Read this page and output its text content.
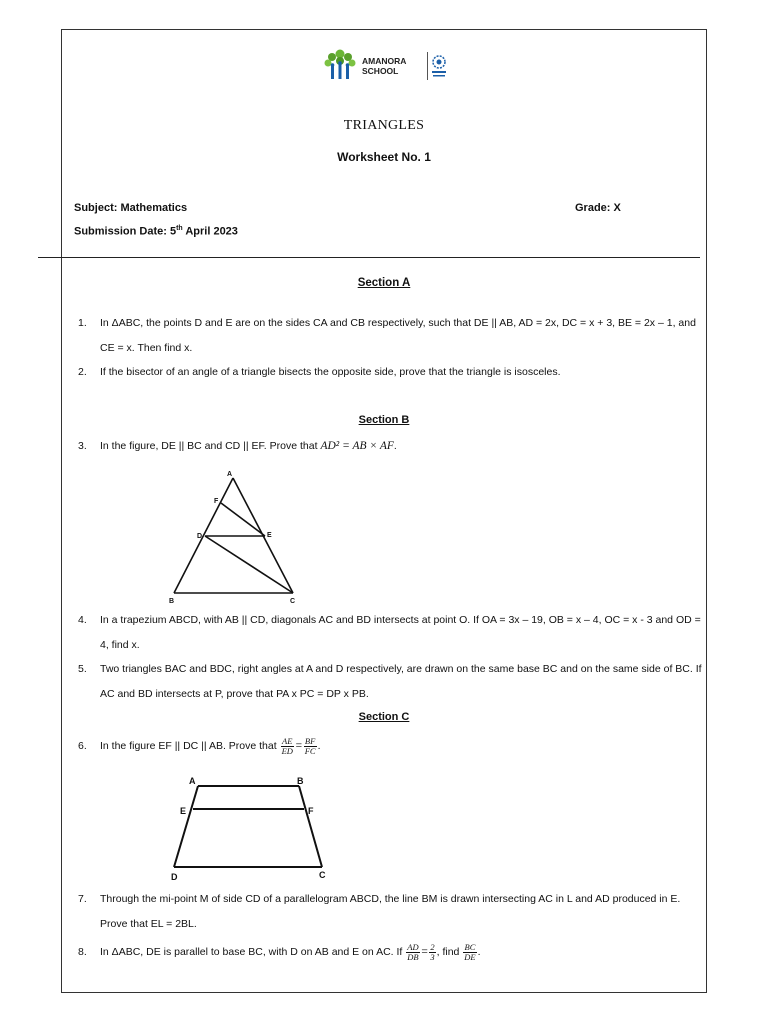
AMANORA
SCHOOL
TRIANGLES
Worksheet No. 1
Subject: Mathematics	Grade: X
Submission Date: 5th April 2023
Section A
1.	In ΔABC, the points D and E are on the sides CA and CB respectively, such that DE || AB, AD = 2x, DC = x + 3, BE = 2x – 1, and CE = x. Then find x.
2.	If the bisector of an angle of a triangle bisects the opposite side, prove that the triangle is isosceles.
Section B
3.	In the figure, DE || BC and CD || EF. Prove that AD² = AB × AF.
A
F
D	E
B	C
4.	In a trapezium ABCD, with AB || CD, diagonals AC and BD intersects at point O. If OA = 3x – 19, OB = x – 4, OC = x - 3 and OD = 4, find x.
5.	Two triangles BAC and BDC, right angles at A and D respectively, are drawn on the same base BC and on the same side of BC. If AC and BD intersects at P, prove that PA x PC = DP x PB.
Section C
6.	In the figure EF || DC || AB. Prove that $\frac{AE}{ED} = \frac{BF}{FC}$ .
A	B
E	F
D	C
7.	Through the mi-point M of side CD of a parallelogram ABCD, the line BM is drawn intersecting AC in L and AD produced in E. Prove that EL = 2BL.
8.	In ΔABC, DE is parallel to base BC, with D on AB and E on AC. If $\frac{AD}{DB} = \frac{2}{3}$ , find $\frac{BC}{DE}$ .
